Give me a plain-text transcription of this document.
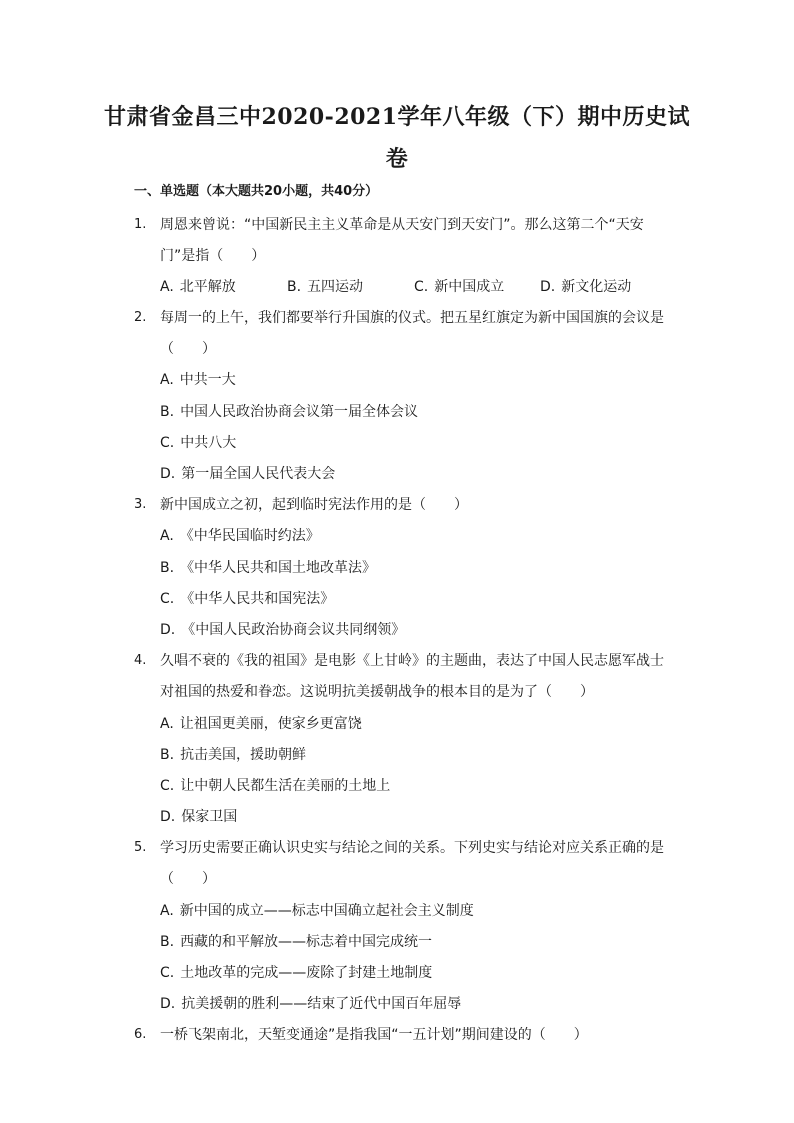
甘肃省金昌三中2020-2021学年八年级（下）期中历史试
卷
一、单选题（本大题共20小题，共40分）
1. 周恩来曾说：“中国新民主主义革命是从天安门到天安门”。那么这第二个“天安
门”是指（　　）
A. 北平解放	B. 五四运动	C. 新中国成立	D. 新文化运动
2. 每周一的上午，我们都要举行升国旗的仪式。把五星红旗定为新中国国旗的会议是
（　　）
A. 中共一大
B. 中国人民政治协商会议第一届全体会议
C. 中共八大
D. 第一届全国人民代表大会
3. 新中国成立之初，起到临时宪法作用的是（　　）
A. 《中华民国临时约法》
B. 《中华人民共和国土地改革法》
C. 《中华人民共和国宪法》
D. 《中国人民政治协商会议共同纲领》
4. 久唱不衰的《我的祖国》是电影《上甘岭》的主题曲，表达了中国人民志愿军战士
对祖国的热爱和眷恋。这说明抗美援朝战争的根本目的是为了（　　）
A. 让祖国更美丽，使家乡更富饶
B. 抗击美国，援助朝鲜
C. 让中朝人民都生活在美丽的土地上
D. 保家卫国
5. 学习历史需要正确认识史实与结论之间的关系。下列史实与结论对应关系正确的是
（　　）
A. 新中国的成立——标志中国确立起社会主义制度
B. 西藏的和平解放——标志着中国完成统一
C. 土地改革的完成——废除了封建土地制度
D. 抗美援朝的胜利——结束了近代中国百年屈辱
6. 一桥飞架南北，天堑变通途”是指我国“一五计划”期间建设的（　　）
